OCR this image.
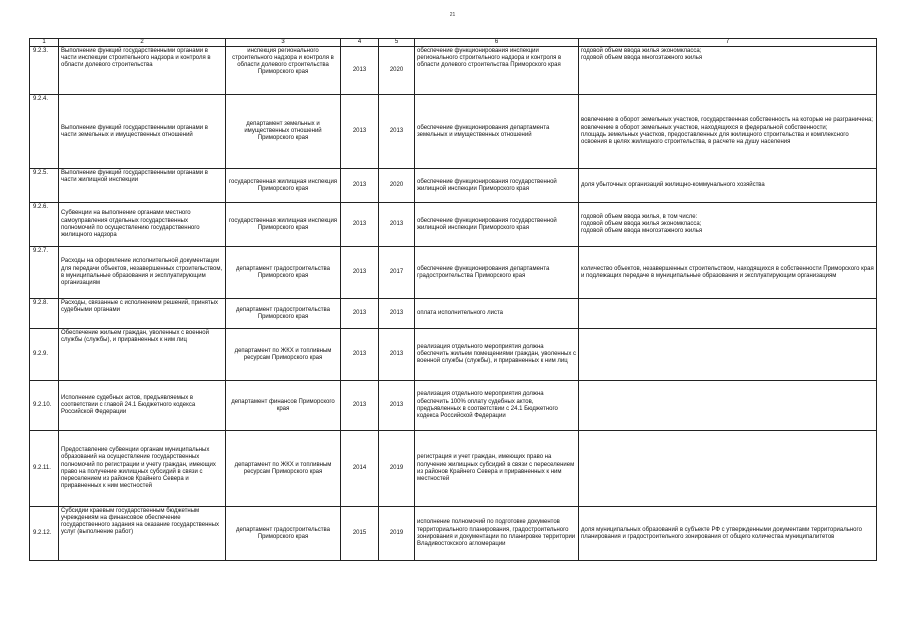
21
1	2	3	4	5	6	7
9.2.3.	Выполнение функций государственными органами в части инспекции строительного надзора и контроля в области долевого строительства	инспекция регионального строительного надзора и контроля в области долевого строительства Приморского края	2013	2020	обеспечение функционирования инспекции регионального строительного надзора и контроля в области долевого строительства Приморского края	годовой объем ввода жилья экономкласса;
годовой объем ввода многоэтажного жилья

9.2.4.	Выполнение функций государственными органами в части земельных и имущественных отношений	департамент земельных и имущественных отношений Приморского края	2013	2013	обеспечение функционирования департамента земельных и имущественных отношений	вовлечение в оборот земельных участков, государственная собственность на которые не разграничена;
вовлечение в оборот земельных участков, находящихся в федеральной собственности;
площадь земельных участков, предоставленных для жилищного строительства и комплексного освоения в целях жилищного строительства, в расчете на душу населения

9.2.5.	Выполнение функций государственными органами в части жилищной инспекции	государственная жилищная инспекция Приморского края	2013	2020	обеспечение функционирования государственной жилищной инспекции Приморского края	доля убыточных организаций жилищно-коммунального хозяйства

9.2.6.	Субвенции на выполнение органами местного самоуправления отдельных государственных полномочий по осуществлению государственного жилищного надзора	государственная жилищная инспекция Приморского края	2013	2013	обеспечение функционирования государственной жилищной инспекции Приморского края	годовой объем ввода жилья, в том числе:
годовой объем ввода жилья экономкласса;
годовой объем ввода многоэтажного жилья

9.2.7.	Расходы на оформление исполнительной документации для передачи объектов, незавершенных строительством, в муниципальные образования и эксплуатирующим организациям	департамент градостроительства Приморского края	2013	2017	обеспечение функционирования департамента градостроительства Приморского края	количество объектов, незавершенных строительством, находящихся в собственности Приморского края и подлежащих передаче в муниципальные образования и эксплуатирующим организациям

9.2.8.	Расходы, связанные с исполнением решений, принятых судебными органами	департамент градостроительства Приморского края	2013	2013	оплата исполнительного листа	
9.2.9.	Обеспечение жильем граждан, уволенных с военной службы (службы), и приравненных к ним лиц	департамент по ЖКХ и топливным ресурсам Приморского края	2013	2013	реализация отдельного мероприятия должна обеспечить жильем помещениями граждан, уволенных с военной службы (службы), и приравненных к ним лиц	
9.2.10.	Исполнение судебных актов, предъявляемых в соответствии с главой 24.1 Бюджетного кодекса Российской Федерации	департамент финансов Приморского края	2013	2013	реализация отдельного мероприятия должна обеспечить 100% оплату судебных актов, предъявленных в соответствии с 24.1 Бюджетного кодекса Российской Федерации	
9.2.11.	Предоставление субвенции органам муниципальных образований на осуществление государственных полномочий по регистрации и учету граждан, имеющих право на получение жилищных субсидий в связи с переселением из районов Крайнего Севера и приравненных к ним местностей	департамент по ЖКХ и топливным ресурсам Приморского края	2014	2019	регистрация и учет граждан, имеющих право на получение жилищных субсидий в связи с переселением из районов Крайнего Севера и приравненных к ним местностей	
9.2.12.	Субсидии краевым государственным бюджетным учреждениям на финансовое обеспечение государственного задания на оказание государственных услуг (выполнение работ)	департамент градостроительства Приморского края	2015	2019	исполнение полномочий по подготовке документов территориального планирования, градостроительного зонирования и документации по планировке территории Владивостокского агломерации	доля муниципальных образований в субъекте РФ с утвержденными документами территориального планирования и градостроительного зонирования от общего количества муниципалитетов
